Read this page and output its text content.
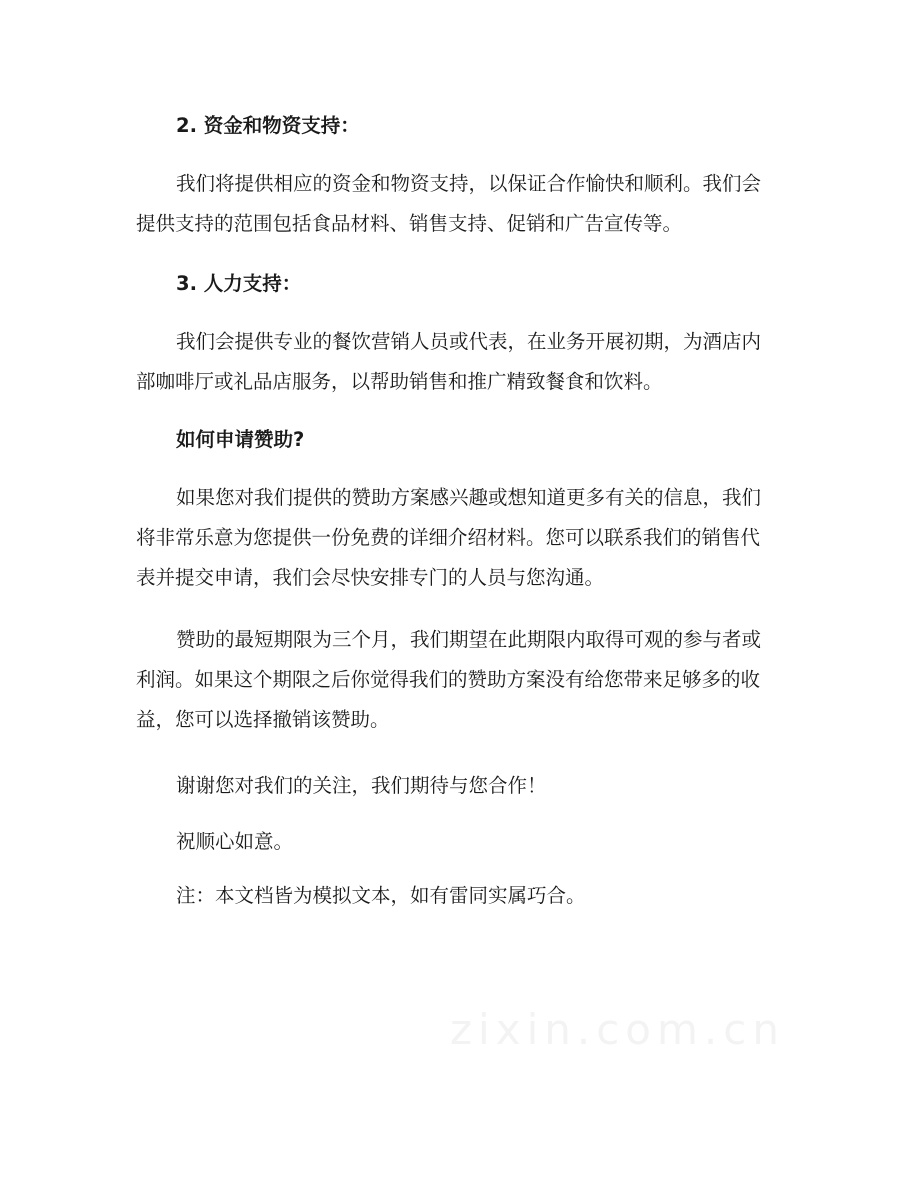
2. 资金和物资支持：

我们将提供相应的资金和物资支持，以保证合作愉快和顺利。我们会提供支持的范围包括食品材料、销售支持、促销和广告宣传等。

3. 人力支持：

我们会提供专业的餐饮营销人员或代表，在业务开展初期，为酒店内部咖啡厅或礼品店服务，以帮助销售和推广精致餐食和饮料。

如何申请赞助?

如果您对我们提供的赞助方案感兴趣或想知道更多有关的信息，我们将非常乐意为您提供一份免费的详细介绍材料。您可以联系我们的销售代表并提交申请，我们会尽快安排专门的人员与您沟通。

赞助的最短期限为三个月，我们期望在此期限内取得可观的参与者或利润。如果这个期限之后你觉得我们的赞助方案没有给您带来足够多的收益，您可以选择撤销该赞助。

谢谢您对我们的关注，我们期待与您合作！

祝顺心如意。

注：本文档皆为模拟文本，如有雷同实属巧合。

zixin.com.cn
